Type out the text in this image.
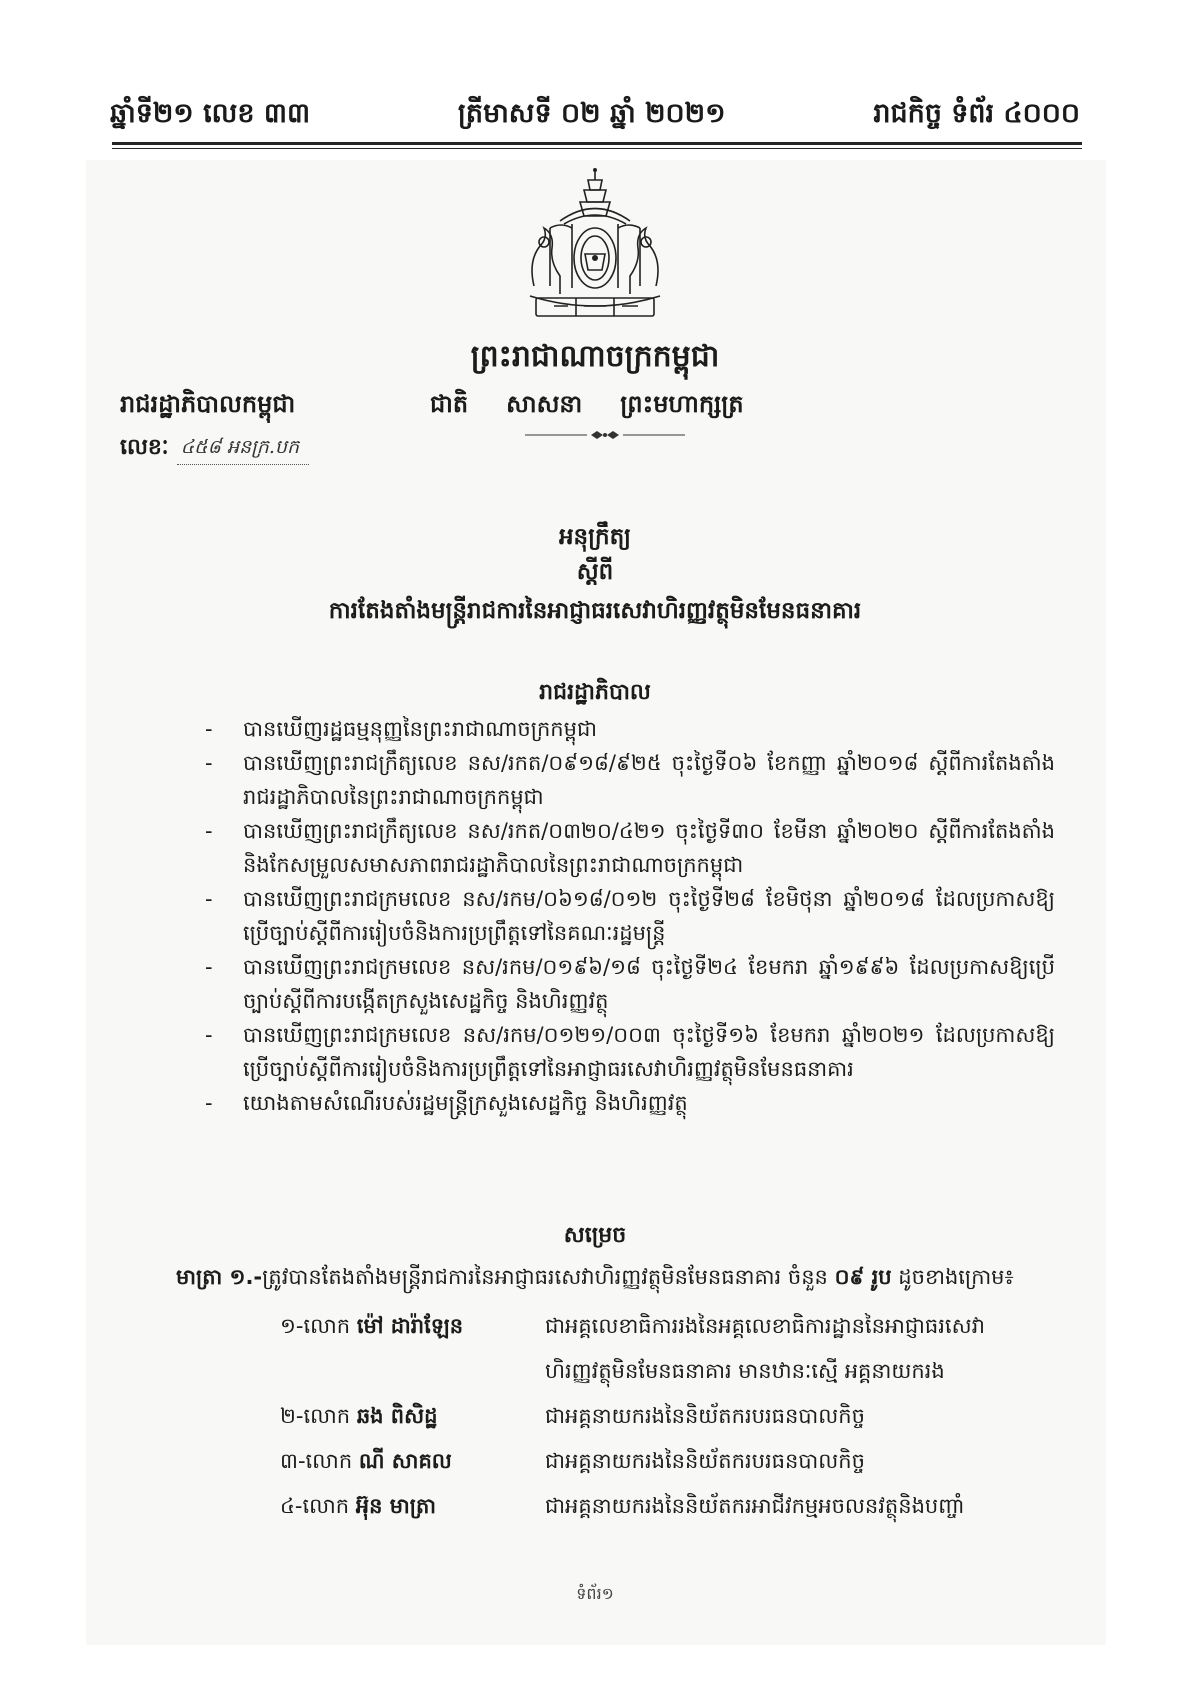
ឆ្នាំទី២១ លេខ ៣៣	ត្រីមាសទី ០២ ឆ្នាំ ២០២១	រាជកិច្ច ទំព័រ ៤០០០
ព្រះរាជាណាចក្រកម្ពុជា
រាជរដ្ឋាភិបាលកម្ពុជា	ជាតិ សាសនា ព្រះមហាក្សត្រ
លេខៈ ៤៥៨ អនក្រ.បក
អនុក្រឹត្យ
ស្តីពី
ការតែងតាំងមន្ត្រីរាជការនៃអាជ្ញាធរសេវាហិរញ្ញវត្ថុមិនមែនធនាគារ
រាជរដ្ឋាភិបាល
-	បានឃើញរដ្ឋធម្មនុញ្ញនៃព្រះរាជាណាចក្រកម្ពុជា
-	បានឃើញព្រះរាជក្រឹត្យលេខ នស/រកត/០៩១៨/៩២៥ ចុះថ្ងៃទី០៦ ខែកញ្ញា ឆ្នាំ២០១៨ ស្តីពីការតែងតាំងរាជរដ្ឋាភិបាលនៃព្រះរាជាណាចក្រកម្ពុជា
-	បានឃើញព្រះរាជក្រឹត្យលេខ នស/រកត/០៣២០/៤២១ ចុះថ្ងៃទី៣០ ខែមីនា ឆ្នាំ២០២០ ស្តីពីការតែងតាំងនិងកែសម្រួលសមាសភាពរាជរដ្ឋាភិបាលនៃព្រះរាជាណាចក្រកម្ពុជា
-	បានឃើញព្រះរាជក្រមលេខ នស/រកម/០៦១៨/០១២ ចុះថ្ងៃទី២៨ ខែមិថុនា ឆ្នាំ២០១៨ ដែលប្រកាសឱ្យប្រើច្បាប់ស្តីពីការរៀបចំនិងការប្រព្រឹត្តទៅនៃគណៈរដ្ឋមន្ត្រី
-	បានឃើញព្រះរាជក្រមលេខ នស/រកម/០១៩៦/១៨ ចុះថ្ងៃទី២៤ ខែមករា ឆ្នាំ១៩៩៦ ដែលប្រកាសឱ្យប្រើច្បាប់ស្តីពីការបង្កើតក្រសួងសេដ្ឋកិច្ច និងហិរញ្ញវត្ថុ
-	បានឃើញព្រះរាជក្រមលេខ នស/រកម/០១២១/០០៣ ចុះថ្ងៃទី១៦ ខែមករា ឆ្នាំ២០២១ ដែលប្រកាសឱ្យប្រើច្បាប់ស្តីពីការរៀបចំនិងការប្រព្រឹត្តទៅនៃអាជ្ញាធរសេវាហិរញ្ញវត្ថុមិនមែនធនាគារ
-	យោងតាមសំណើរបស់រដ្ឋមន្ត្រីក្រសួងសេដ្ឋកិច្ច និងហិរញ្ញវត្ថុ
សម្រេច
មាត្រា ១.-ត្រូវបានតែងតាំងមន្ត្រីរាជការនៃអាជ្ញាធរសេវាហិរញ្ញវត្ថុមិនមែនធនាគារ ចំនួន ០៩ រូប ដូចខាងក្រោម៖
១-លោក ម៉ៅ ដារ៉ាឡែន	ជាអគ្គលេខាធិការរងនៃអគ្គលេខាធិការដ្ឋាននៃអាជ្ញាធរសេវា
ហិរញ្ញវត្ថុមិនមែនធនាគារ មានឋានៈស្មើ អគ្គនាយករង
២-លោក ឆង ពិសិដ្ឋ	ជាអគ្គនាយករងនៃនិយ័តករបរធនបាលកិច្ច
៣-លោក ណី សាគល	ជាអគ្គនាយករងនៃនិយ័តករបរធនបាលកិច្ច
៤-លោក អ៊ុន មាត្រា	ជាអគ្គនាយករងនៃនិយ័តករអាជីវកម្មអចលនវត្ថុនិងបញ្ចាំ
ទំព័រ១
